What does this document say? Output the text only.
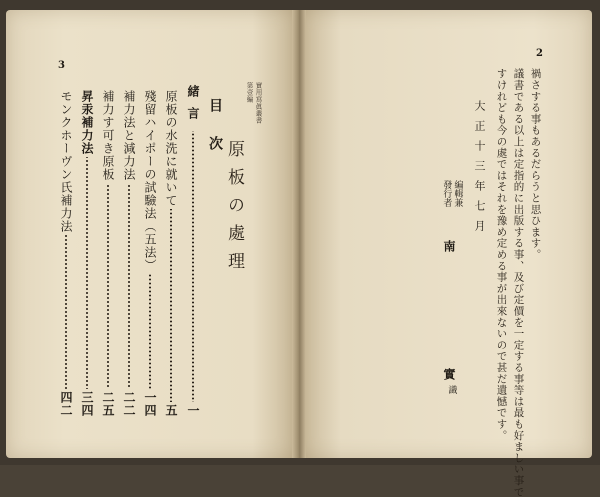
3
實用寫眞叢書
第壹編
原板の處理
目次
緒言
一
原板の水洗に就いて
五
殘留ハイポーの試驗法（五法）
一四
補力法と減力法
二二
補力す可き原板
二五
昇汞補力法
三四
モンクホーヴン氏補力法
四二
2
禍さする事もあるだらうと思ひます。
議書である以上は定指的に出版する事、及び定價を一定する事等は最も好ましい事で
すけれども今の處ではそれを豫め定める事が出來ないので甚だ遺憾です。
大正十三年七月
編輯兼
發行者
南
實
識
